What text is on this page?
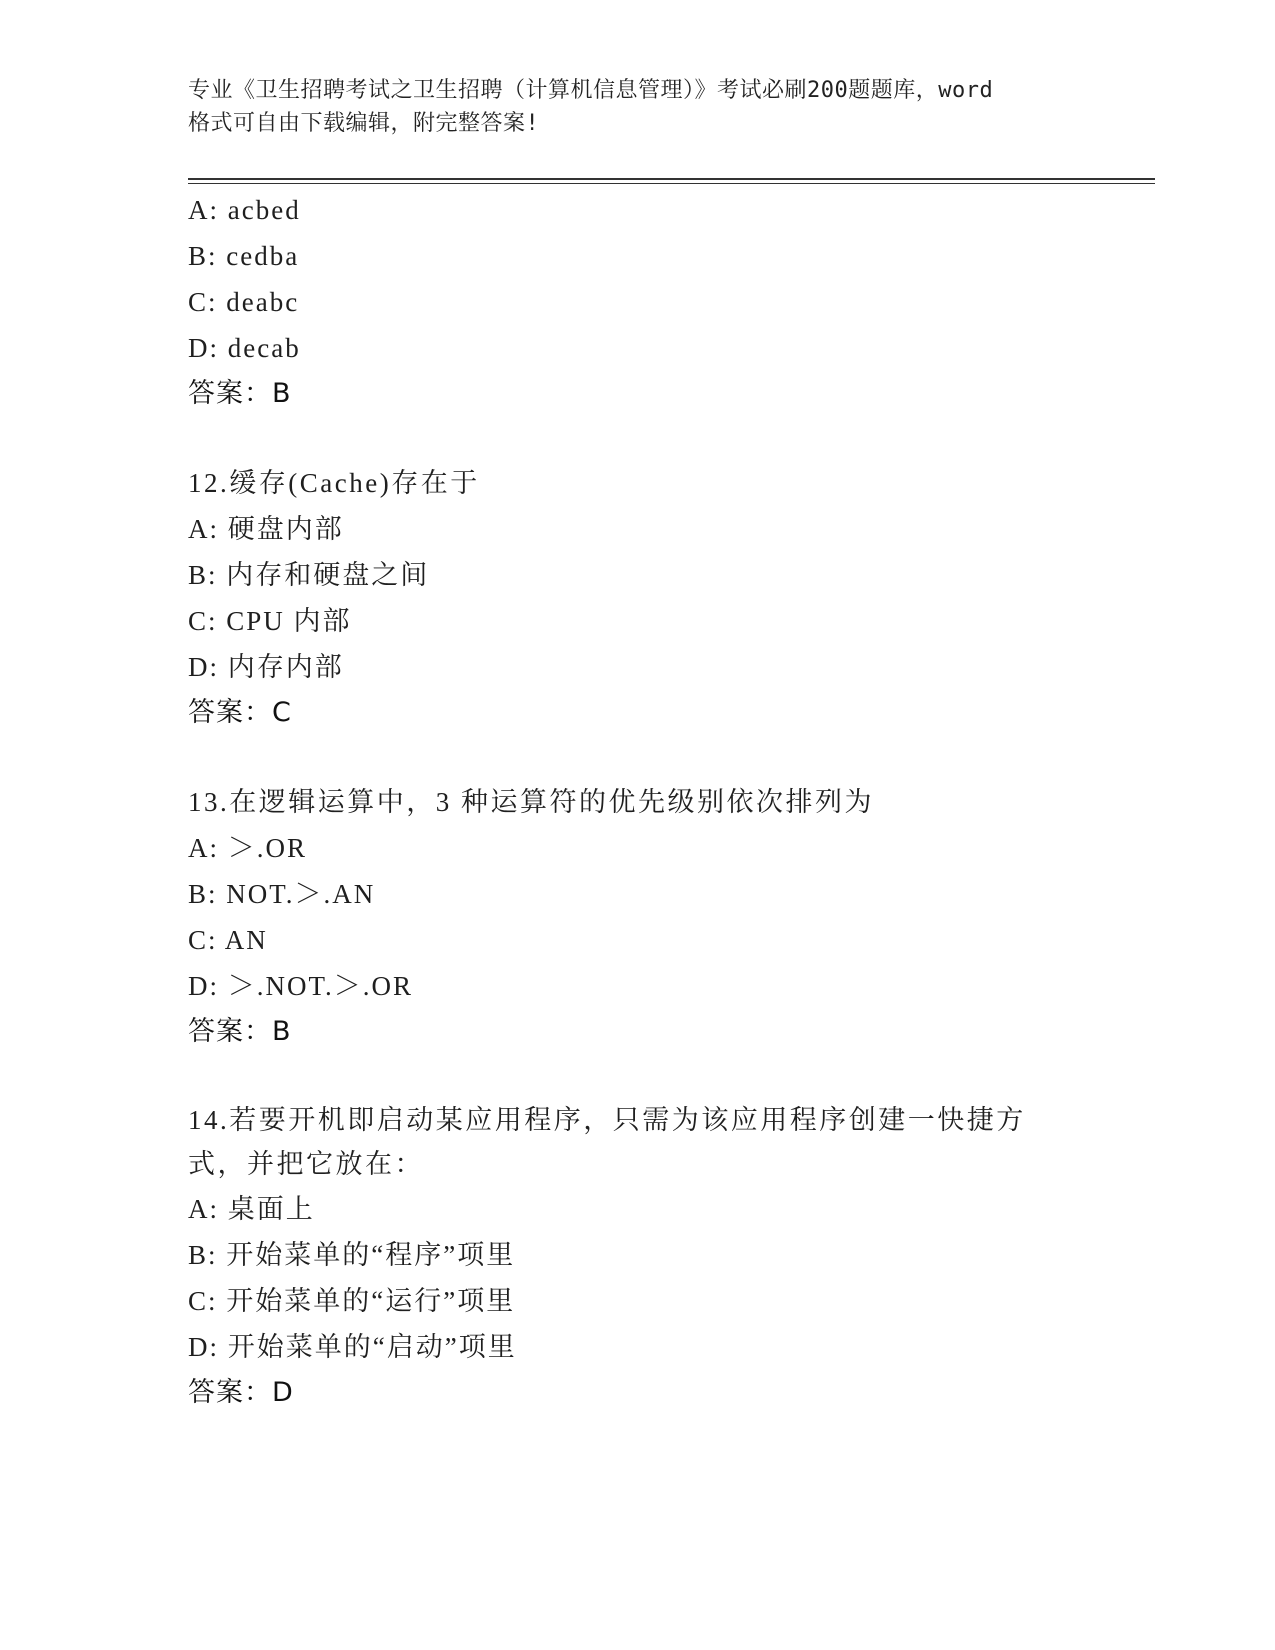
专业《卫生招聘考试之卫生招聘（计算机信息管理）》考试必刷200题题库，word
格式可自由下载编辑，附完整答案!
A: acbed
B: cedba
C: deabc
D: decab
答案：B
12.缓存(Cache)存在于
A: 硬盘内部
B: 内存和硬盘之间
C: CPU 内部
D: 内存内部
答案：C
13.在逻辑运算中，3 种运算符的优先级别依次排列为
A: ＞.OR
B: NOT.＞.AN
C: AN
D: ＞.NOT.＞.OR
答案：B
14.若要开机即启动某应用程序，只需为该应用程序创建一快捷方式，并把它放在：
A: 桌面上
B: 开始菜单的“程序”项里
C: 开始菜单的“运行”项里
D: 开始菜单的“启动”项里
答案：D
